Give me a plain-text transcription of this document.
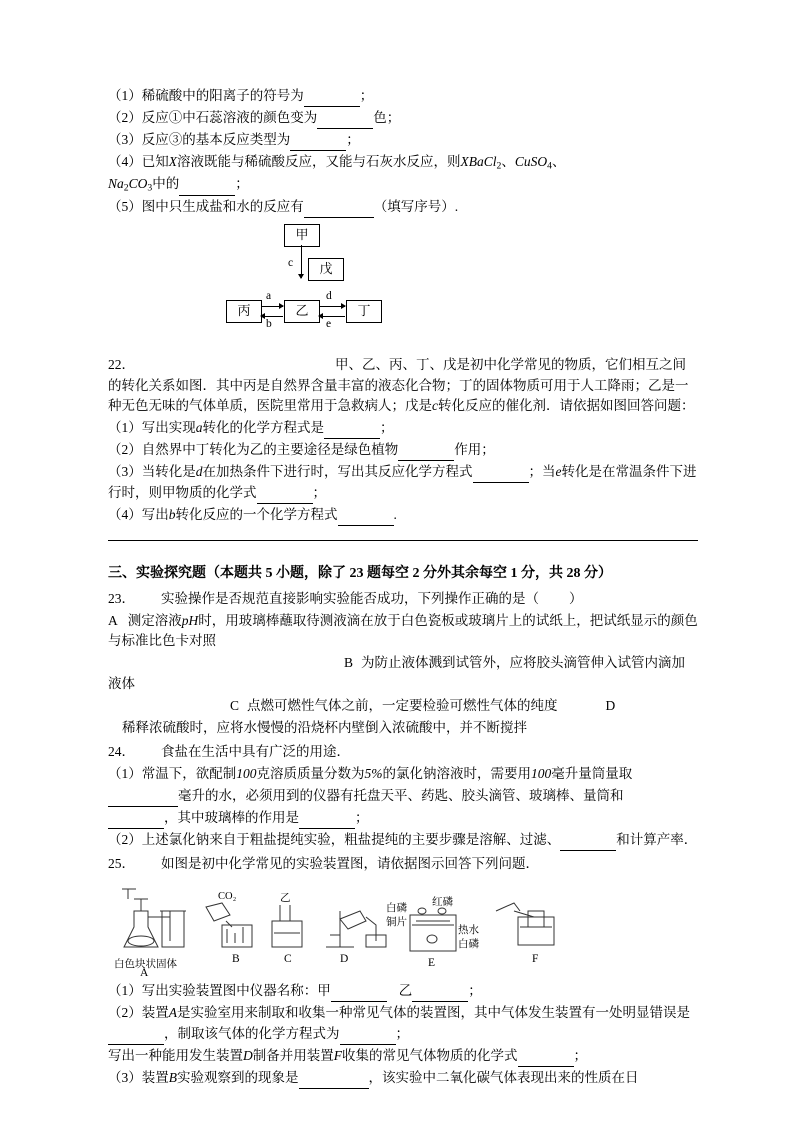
（1）稀硫酸中的阳离子的符号为	；
（2）反应①中石蕊溶液的颜色变为	色；
（3）反应③的基本反应类型为	；
（4）已知X溶液既能与稀硫酸反应，又能与石灰水反应，则XBaCl$_2$、CuSO$_4$、
$Na_2CO_3$中的	；
（5）图中只生成盐和水的反应有	（填写序号）.
甲
c	戊
丙	乙	丁
a
b
d
e
22．	甲、乙、丙、丁、戊是初中化学常见的物质，它们相互之间的转化关系如图．其中丙是自然界含量丰富的液态化合物；丁的固体物质可用于人工降雨；乙是一种无色无味的气体单质，医院里常用于急救病人；戊是c转化反应的催化剂．请依据如图回答问题：
（1）写出实现a转化的化学方程式是	；
（2）自然界中丁转化为乙的主要途径是绿色植物	作用；
（3）当转化是d在加热条件下进行时，写出其反应化学方程式	；当e转化是在常温条件下进行时，则甲物质的化学式	；
（4）写出b转化反应的一个化学方程式	.
三、实验探究题（本题共 5 小题，除了 23 题每空 2 分外其余每空 1 分，共 28 分）
23． 实验操作是否规范直接影响实验能否成功，下列操作正确的是（ ）
A 测定溶液pH时，用玻璃棒蘸取待测液滴在放于白色瓷板或玻璃片上的试纸上，把试纸显示的颜色与标准比色卡对照
B 为防止液体溅到试管外，应将胶头滴管伸入试管内滴加液体
C 点燃可燃性气体之前，一定要检验可燃性气体的纯度	D
稀释浓硫酸时，应将水慢慢的沿烧杯内壁倒入浓硫酸中，并不断搅拌
24． 食盐在生活中具有广泛的用途．
（1）常温下，欲配制100克溶质质量分数为5%的氯化钠溶液时，需要用100毫升量筒量取
毫升的水，必须用到的仪器有托盘天平、药匙、胶头滴管、玻璃棒、量筒和
，其中玻璃棒的作用是	；
（2）上述氯化钠来自于粗盐提纯实验，粗盐提纯的主要步骤是溶解、过滤、	和计算产率．
25． 如图是初中化学常见的实验装置图，请依据图示回答下列问题．
CO₂	乙
白磷
红磷
铜片
热水
白磷
白色块状固体
A
B	C	D	E	F
（1）写出实验装置图中仪器名称：甲	乙	；
（2）装置A是实验室用来制取和收集一种常见气体的装置图，其中气体发生装置有一处明显错误是
，制取该气体的化学方程式为	；
写出一种能用发生装置D制备并用装置F收集的常见气体物质的化学式	；
（3）装置B实验观察到的现象是	，该实验中二氧化碳气体表现出来的性质在日
